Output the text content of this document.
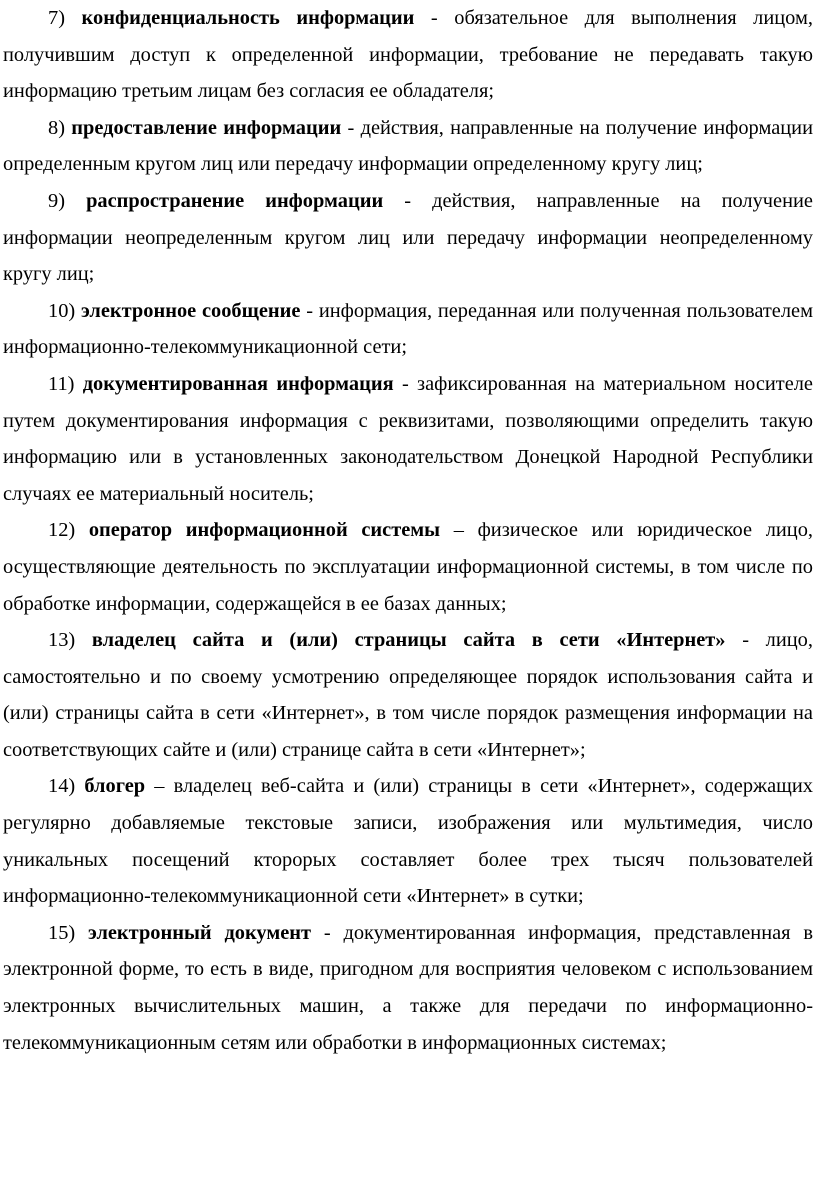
7) конфиденциальность информации - обязательное для выполнения лицом, получившим доступ к определенной информации, требование не передавать такую информацию третьим лицам без согласия ее обладателя;

8) предоставление информации - действия, направленные на получение информации определенным кругом лиц или передачу информации определенному кругу лиц;

9) распространение информации - действия, направленные на получение информации неопределенным кругом лиц или передачу информации неопределенному кругу лиц;

10) электронное сообщение - информация, переданная или полученная пользователем информационно-телекоммуникационной сети;

11) документированная информация - зафиксированная на материальном носителе путем документирования информация с реквизитами, позволяющими определить такую информацию или в установленных законодательством Донецкой Народной Республики случаях ее материальный носитель;

12) оператор информационной системы – физическое или юридическое лицо, осуществляющие деятельность по эксплуатации информационной системы, в том числе по обработке информации, содержащейся в ее базах данных;

13) владелец сайта и (или) страницы сайта в сети «Интернет» - лицо, самостоятельно и по своему усмотрению определяющее порядок использования сайта и (или) страницы сайта в сети «Интернет», в том числе порядок размещения информации на соответствующих сайте и (или) странице сайта в сети «Интернет»;

14) блогер – владелец веб-сайта и (или) страницы в сети «Интернет», содержащих регулярно добавляемые текстовые записи, изображения или мультимедия, число уникальных посещений кторорых составляет более трех тысяч пользователей информационно-телекоммуникационной сети «Интернет» в сутки;

15) электронный документ - документированная информация, представленная в электронной форме, то есть в виде, пригодном для восприятия человеком с использованием электронных вычислительных машин, а также для передачи по информационно-телекоммуникационным сетям или обработки в информационных системах;
